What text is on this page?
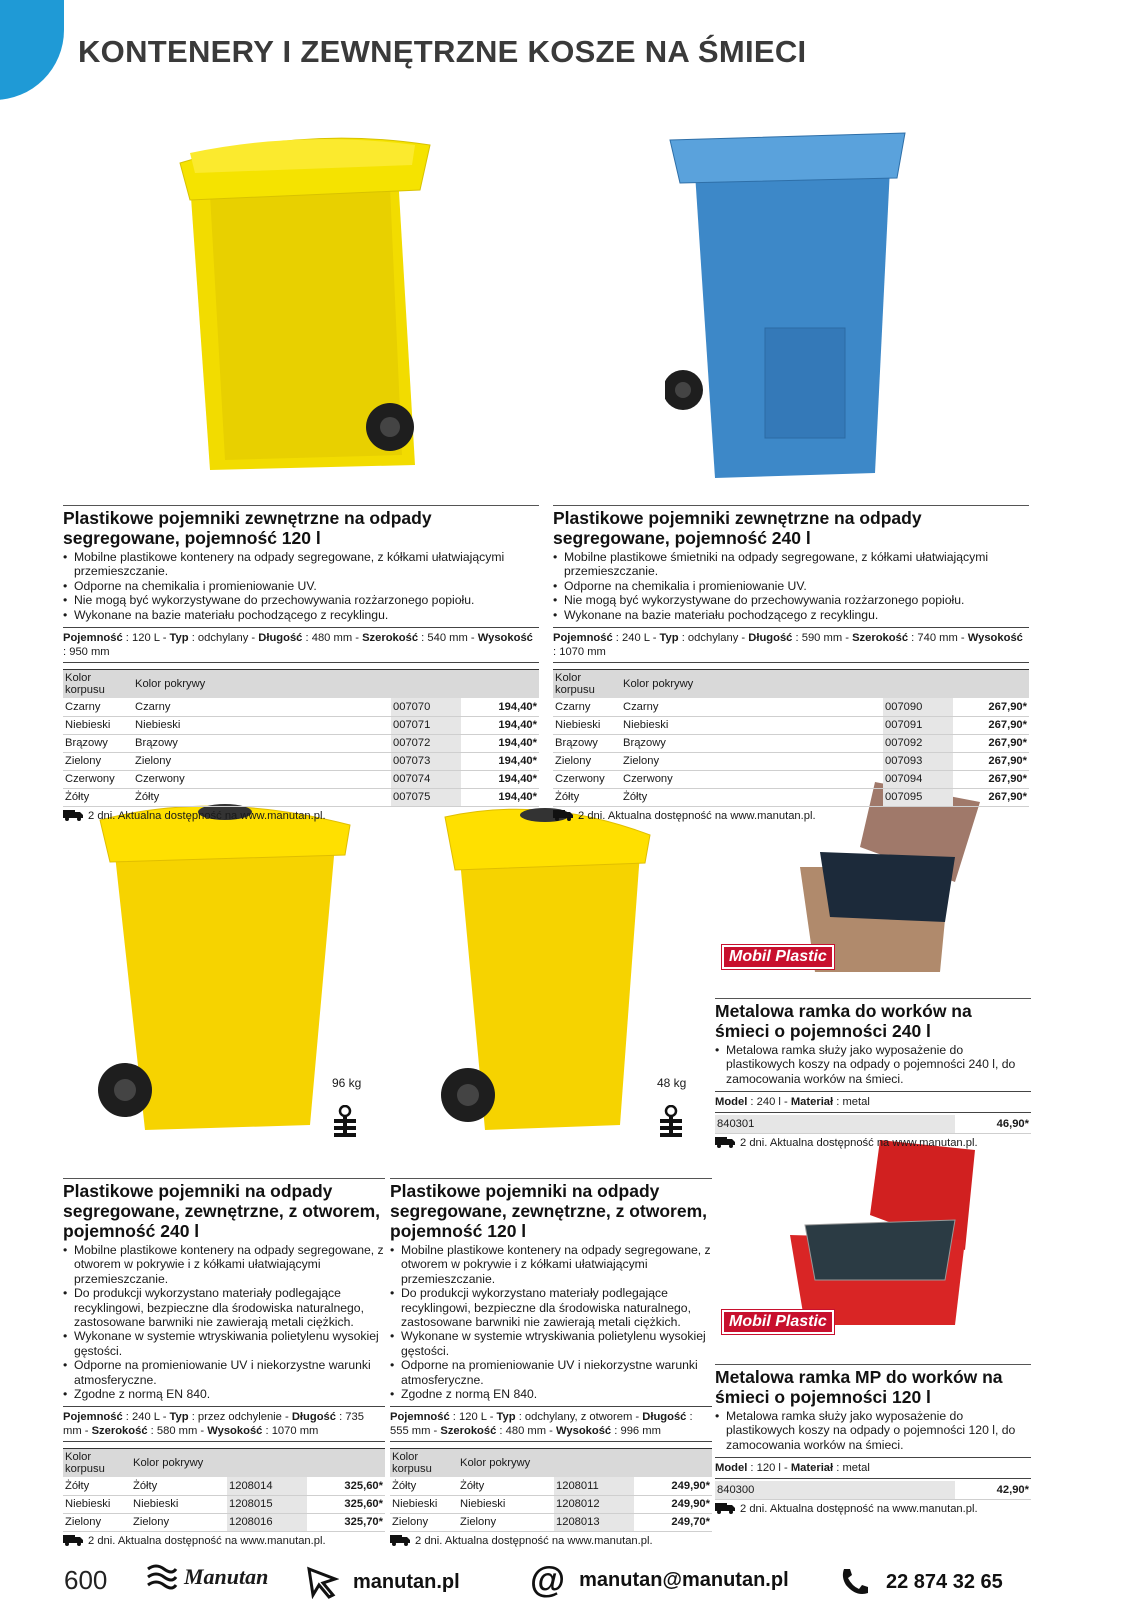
KONTENERY I ZEWNĘTRZNE KOSZE NA ŚMIECI
Mobil Plastic
Mobil Plastic
96 kg	48 kg
Plastikowe pojemniki zewnętrzne na odpady segregowane, pojemność 120 l
• Mobilne plastikowe kontenery na odpady segregowane, z kółkami ułatwiającymi przemieszczanie.
• Odporne na chemikalia i promieniowanie UV.
• Nie mogą być wykorzystywane do przechowywania rozżarzonego popiołu.
• Wykonane na bazie materiału pochodzącego z recyklingu.
Pojemność : 120 L - Typ : odchylany - Długość : 480 mm - Szerokość : 540 mm - Wysokość : 950 mm
Kolor korpusu	Kolor pokrywy		
Czarny	Czarny	007070	194,40*
Niebieski	Niebieski	007071	194,40*
Brązowy	Brązowy	007072	194,40*
Zielony	Zielony	007073	194,40*
Czerwony	Czerwony	007074	194,40*
Żółty	Żółty	007075	194,40*
2 dni. Aktualna dostępność na www.manutan.pl.
Plastikowe pojemniki zewnętrzne na odpady segregowane, pojemność 240 l
• Mobilne plastikowe śmietniki na odpady segregowane, z kółkami ułatwiającymi przemieszczanie.
• Odporne na chemikalia i promieniowanie UV.
• Nie mogą być wykorzystywane do przechowywania rozżarzonego popiołu.
• Wykonane na bazie materiału pochodzącego z recyklingu.
Pojemność : 240 L - Typ : odchylany - Długość : 590 mm - Szerokość : 740 mm - Wysokość : 1070 mm
Kolor korpusu	Kolor pokrywy		
Czarny	Czarny	007090	267,90*
Niebieski	Niebieski	007091	267,90*
Brązowy	Brązowy	007092	267,90*
Zielony	Zielony	007093	267,90*
Czerwony	Czerwony	007094	267,90*
Żółty	Żółty	007095	267,90*
2 dni. Aktualna dostępność na www.manutan.pl.
Plastikowe pojemniki na odpady segregowane, zewnętrzne, z otworem, pojemność 240 l
• Mobilne plastikowe kontenery na odpady segregowane, z otworem w pokrywie i z kółkami ułatwiającymi przemieszczanie.
• Do produkcji wykorzystano materiały podlegające recyklingowi, bezpieczne dla środowiska naturalnego, zastosowane barwniki nie zawierają metali ciężkich.
• Wykonane w systemie wtryskiwania polietylenu wysokiej gęstości.
• Odporne na promieniowanie UV i niekorzystne warunki atmosferyczne.
• Zgodne z normą EN 840.
Pojemność : 240 L - Typ : przez odchylenie - Długość : 735 mm - Szerokość : 580 mm - Wysokość : 1070 mm
Kolor korpusu	Kolor pokrywy		
Żółty	Żółty	1208014	325,60*
Niebieski	Niebieski	1208015	325,60*
Zielony	Zielony	1208016	325,70*
2 dni. Aktualna dostępność na www.manutan.pl.
Plastikowe pojemniki na odpady segregowane, zewnętrzne, z otworem, pojemność 120 l
• Mobilne plastikowe kontenery na odpady segregowane, z otworem w pokrywie i z kółkami ułatwiającymi przemieszczanie.
• Do produkcji wykorzystano materiały podlegające recyklingowi, bezpieczne dla środowiska naturalnego, zastosowane barwniki nie zawierają metali ciężkich.
• Wykonane w systemie wtryskiwania polietylenu wysokiej gęstości.
• Odporne na promieniowanie UV i niekorzystne warunki atmosferyczne.
• Zgodne z normą EN 840.
Pojemność : 120 L - Typ : odchylany, z otworem - Długość : 555 mm - Szerokość : 480 mm - Wysokość : 996 mm
Kolor korpusu	Kolor pokrywy		
Żółty	Żółty	1208011	249,90*
Niebieski	Niebieski	1208012	249,90*
Zielony	Zielony	1208013	249,70*
2 dni. Aktualna dostępność na www.manutan.pl.
Metalowa ramka do worków na śmieci o pojemności 240 l
• Metalowa ramka służy jako wyposażenie do plastikowych koszy na odpady o pojemności 240 l, do zamocowania worków na śmieci.
Model : 240 l - Materiał : metal
840301	46,90*
2 dni. Aktualna dostępność na www.manutan.pl.
Metalowa ramka MP do worków na śmieci o pojemności 120 l
• Metalowa ramka służy jako wyposażenie do plastikowych koszy na odpady o pojemności 120 l, do zamocowania worków na śmieci.
Model : 120 l - Materiał : metal
840300	42,90*
2 dni. Aktualna dostępność na www.manutan.pl.
600	Manutan	manutan.pl @ manutan@manutan.pl	22 874 32 65
